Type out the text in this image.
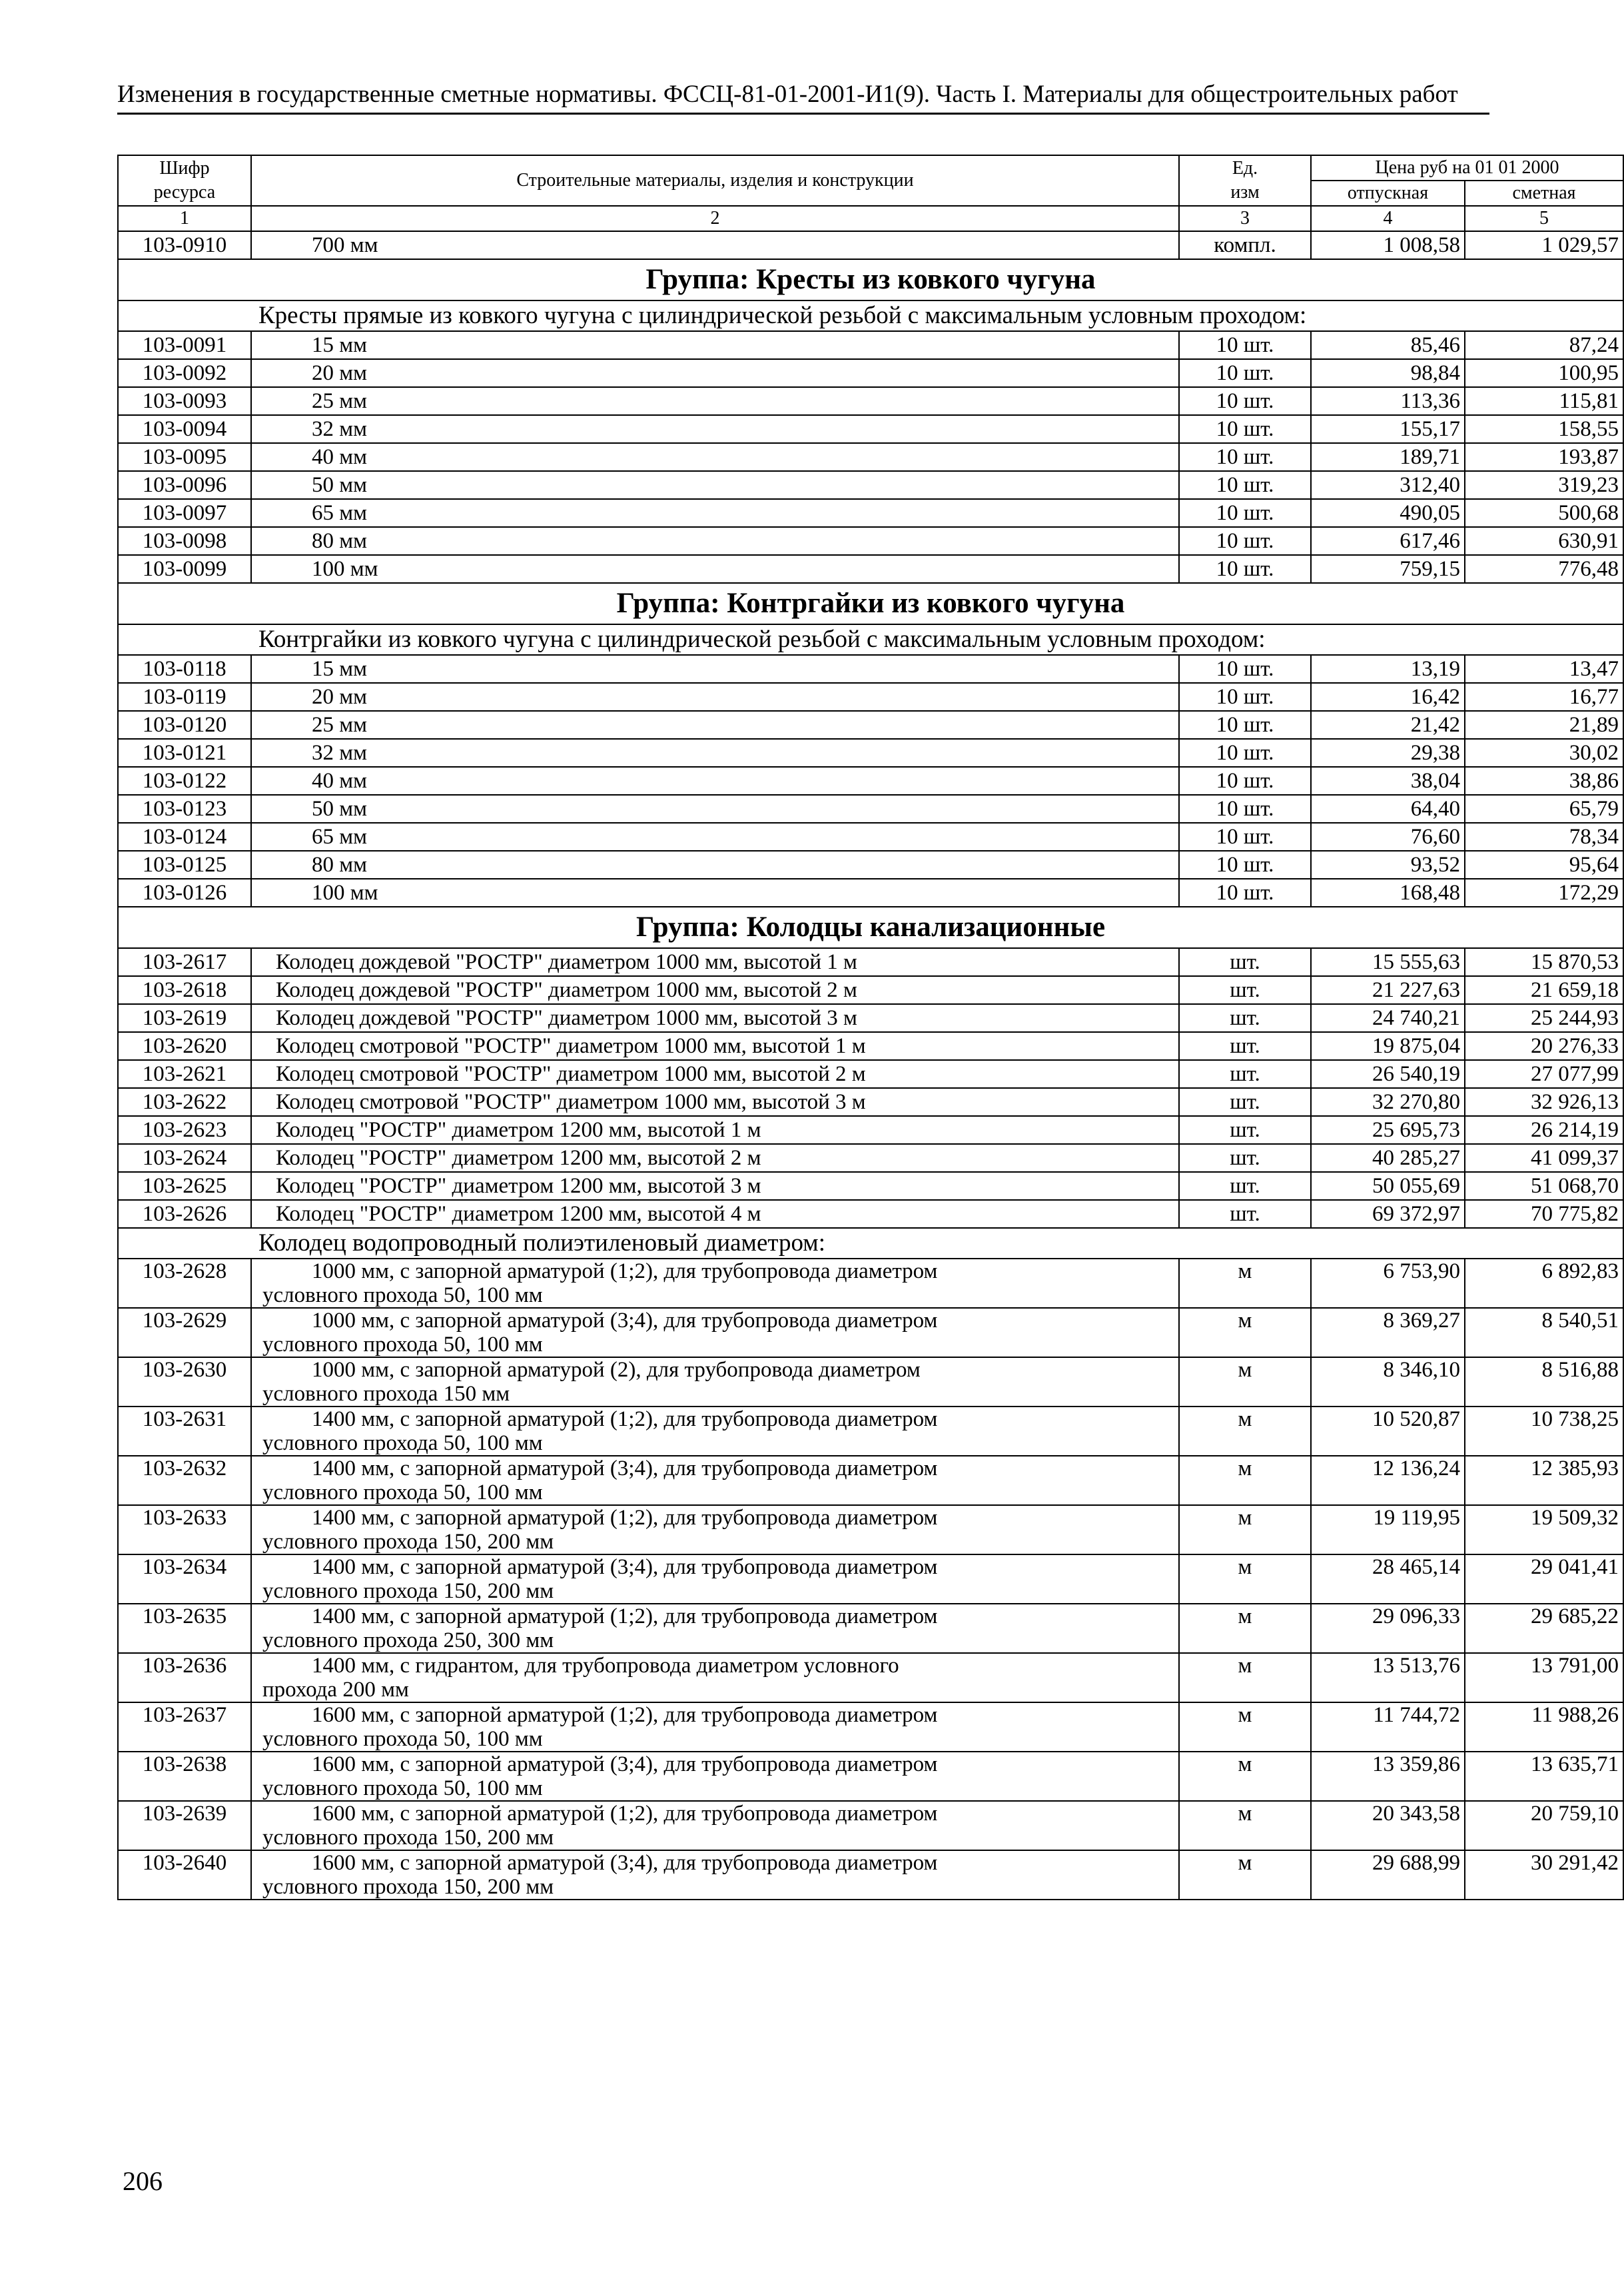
Изменения в государственные сметные нормативы. ФССЦ-81-01-2001-И1(9). Часть I. Материалы для общестроительных работ
Шифр
ресурса	Строительные материалы, изделия и конструкции	Ед.
изм	Цена руб на 01 01 2000	
			отпускная	сметная
1	2	3	4	5
103-0910	700 мм	компл.	1 008,58	1 029,57
Группа: Кресты из ковкого чугуна				
Кресты прямые из ковкого чугуна с цилиндрической резьбой с максимальным условным проходом:				
103-0091	15 мм	10 шт.	85,46	87,24
103-0092	20 мм	10 шт.	98,84	100,95
103-0093	25 мм	10 шт.	113,36	115,81
103-0094	32 мм	10 шт.	155,17	158,55
103-0095	40 мм	10 шт.	189,71	193,87
103-0096	50 мм	10 шт.	312,40	319,23
103-0097	65 мм	10 шт.	490,05	500,68
103-0098	80 мм	10 шт.	617,46	630,91
103-0099	100 мм	10 шт.	759,15	776,48
Группа: Контргайки из ковкого чугуна				
Контргайки из ковкого чугуна с цилиндрической резьбой с максимальным условным проходом:				
103-0118	15 мм	10 шт.	13,19	13,47
103-0119	20 мм	10 шт.	16,42	16,77
103-0120	25 мм	10 шт.	21,42	21,89
103-0121	32 мм	10 шт.	29,38	30,02
103-0122	40 мм	10 шт.	38,04	38,86
103-0123	50 мм	10 шт.	64,40	65,79
103-0124	65 мм	10 шт.	76,60	78,34
103-0125	80 мм	10 шт.	93,52	95,64
103-0126	100 мм	10 шт.	168,48	172,29
Группа: Колодцы канализационные				
103-2617	Колодец дождевой "РОСТР" диаметром 1000 мм, высотой 1 м	шт.	15 555,63	15 870,53
103-2618	Колодец дождевой "РОСТР" диаметром 1000 мм, высотой 2 м	шт.	21 227,63	21 659,18
103-2619	Колодец дождевой "РОСТР" диаметром 1000 мм, высотой 3 м	шт.	24 740,21	25 244,93
103-2620	Колодец смотровой "РОСТР" диаметром 1000 мм, высотой 1 м	шт.	19 875,04	20 276,33
103-2621	Колодец смотровой "РОСТР" диаметром 1000 мм, высотой 2 м	шт.	26 540,19	27 077,99
103-2622	Колодец смотровой "РОСТР" диаметром 1000 мм, высотой 3 м	шт.	32 270,80	32 926,13
103-2623	Колодец "РОСТР" диаметром 1200 мм, высотой 1 м	шт.	25 695,73	26 214,19
103-2624	Колодец "РОСТР" диаметром 1200 мм, высотой 2 м	шт.	40 285,27	41 099,37
103-2625	Колодец "РОСТР" диаметром 1200 мм, высотой 3 м	шт.	50 055,69	51 068,70
103-2626	Колодец "РОСТР" диаметром 1200 мм, высотой 4 м	шт.	69 372,97	70 775,82
Колодец водопроводный полиэтиленовый диаметром:				
103-2628	1000 мм, с запорной арматурой (1;2), для трубопровода диаметром
условного прохода 50, 100 мм	м	6 753,90	6 892,83
103-2629	1000 мм, с запорной арматурой (3;4), для трубопровода диаметром
условного прохода 50, 100 мм	м	8 369,27	8 540,51
103-2630	1000 мм, с запорной арматурой (2), для трубопровода диаметром
условного прохода 150 мм	м	8 346,10	8 516,88
103-2631	1400 мм, с запорной арматурой (1;2), для трубопровода диаметром
условного прохода 50, 100 мм	м	10 520,87	10 738,25
103-2632	1400 мм, с запорной арматурой (3;4), для трубопровода диаметром
условного прохода 50, 100 мм	м	12 136,24	12 385,93
103-2633	1400 мм, с запорной арматурой (1;2), для трубопровода диаметром
условного прохода 150, 200 мм	м	19 119,95	19 509,32
103-2634	1400 мм, с запорной арматурой (3;4), для трубопровода диаметром
условного прохода 150, 200 мм	м	28 465,14	29 041,41
103-2635	1400 мм, с запорной арматурой (1;2), для трубопровода диаметром
условного прохода 250, 300 мм	м	29 096,33	29 685,22
103-2636	1400 мм, с гидрантом, для трубопровода диаметром условного
прохода 200 мм	м	13 513,76	13 791,00
103-2637	1600 мм, с запорной арматурой (1;2), для трубопровода диаметром
условного прохода 50, 100 мм	м	11 744,72	11 988,26
103-2638	1600 мм, с запорной арматурой (3;4), для трубопровода диаметром
условного прохода 50, 100 мм	м	13 359,86	13 635,71
103-2639	1600 мм, с запорной арматурой (1;2), для трубопровода диаметром
условного прохода 150, 200 мм	м	20 343,58	20 759,10
103-2640	1600 мм, с запорной арматурой (3;4), для трубопровода диаметром
условного прохода 150, 200 мм	м	29 688,99	30 291,42
206
